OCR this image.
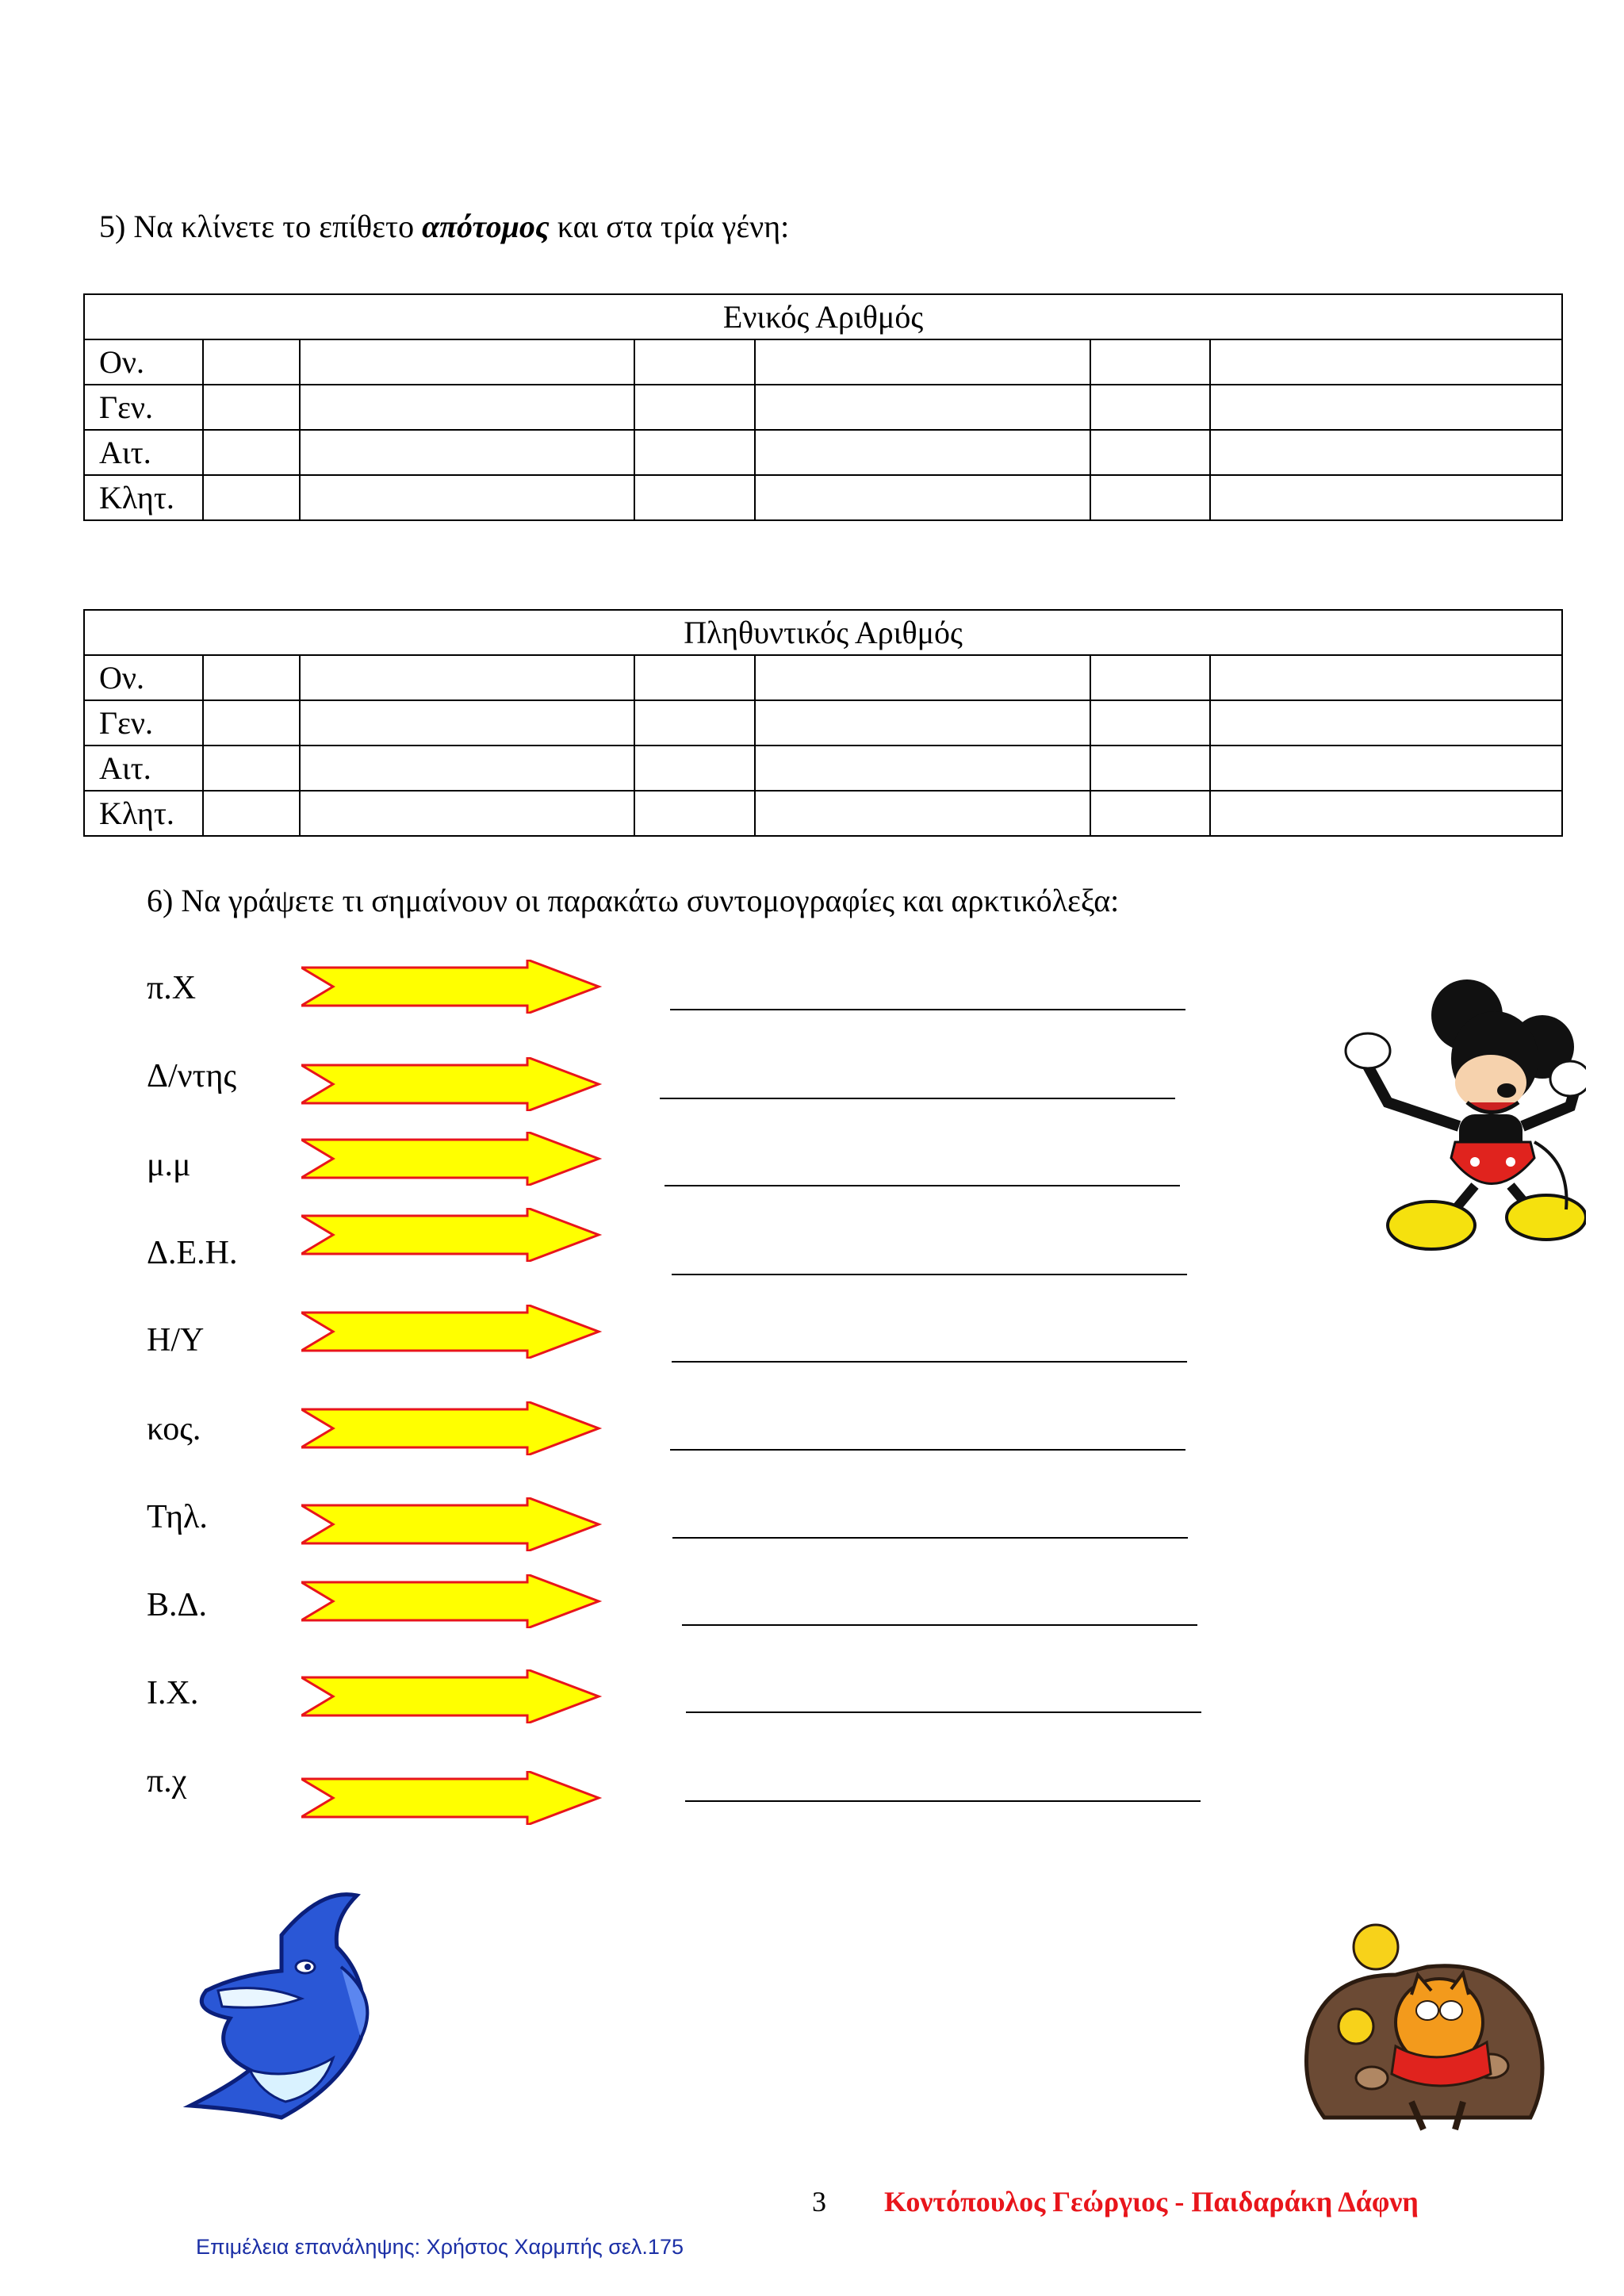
5) Να κλίνετε το επίθετο απότομος και στα τρία γένη:
Ενικός Αριθμός						
Ον.						
Γεν.						
Αιτ.						
Κλητ.						
Πληθυντικός Αριθμός						
Ον.						
Γεν.						
Αιτ.						
Κλητ.						
6) Να γράψετε τι σημαίνουν οι παρακάτω συντομογραφίες και αρκτικόλεξα:
π.Χ
Δ/ντης
μ.μ
Δ.Ε.Η.
Η/Υ
κος.
Τηλ.
Β.Δ.
Ι.Χ.
π.χ
3 Κοντόπουλος Γεώργιος - Παιδαράκη Δάφνη
Επιμέλεια επανάληψης: Χρήστος Χαρμπής σελ.175
